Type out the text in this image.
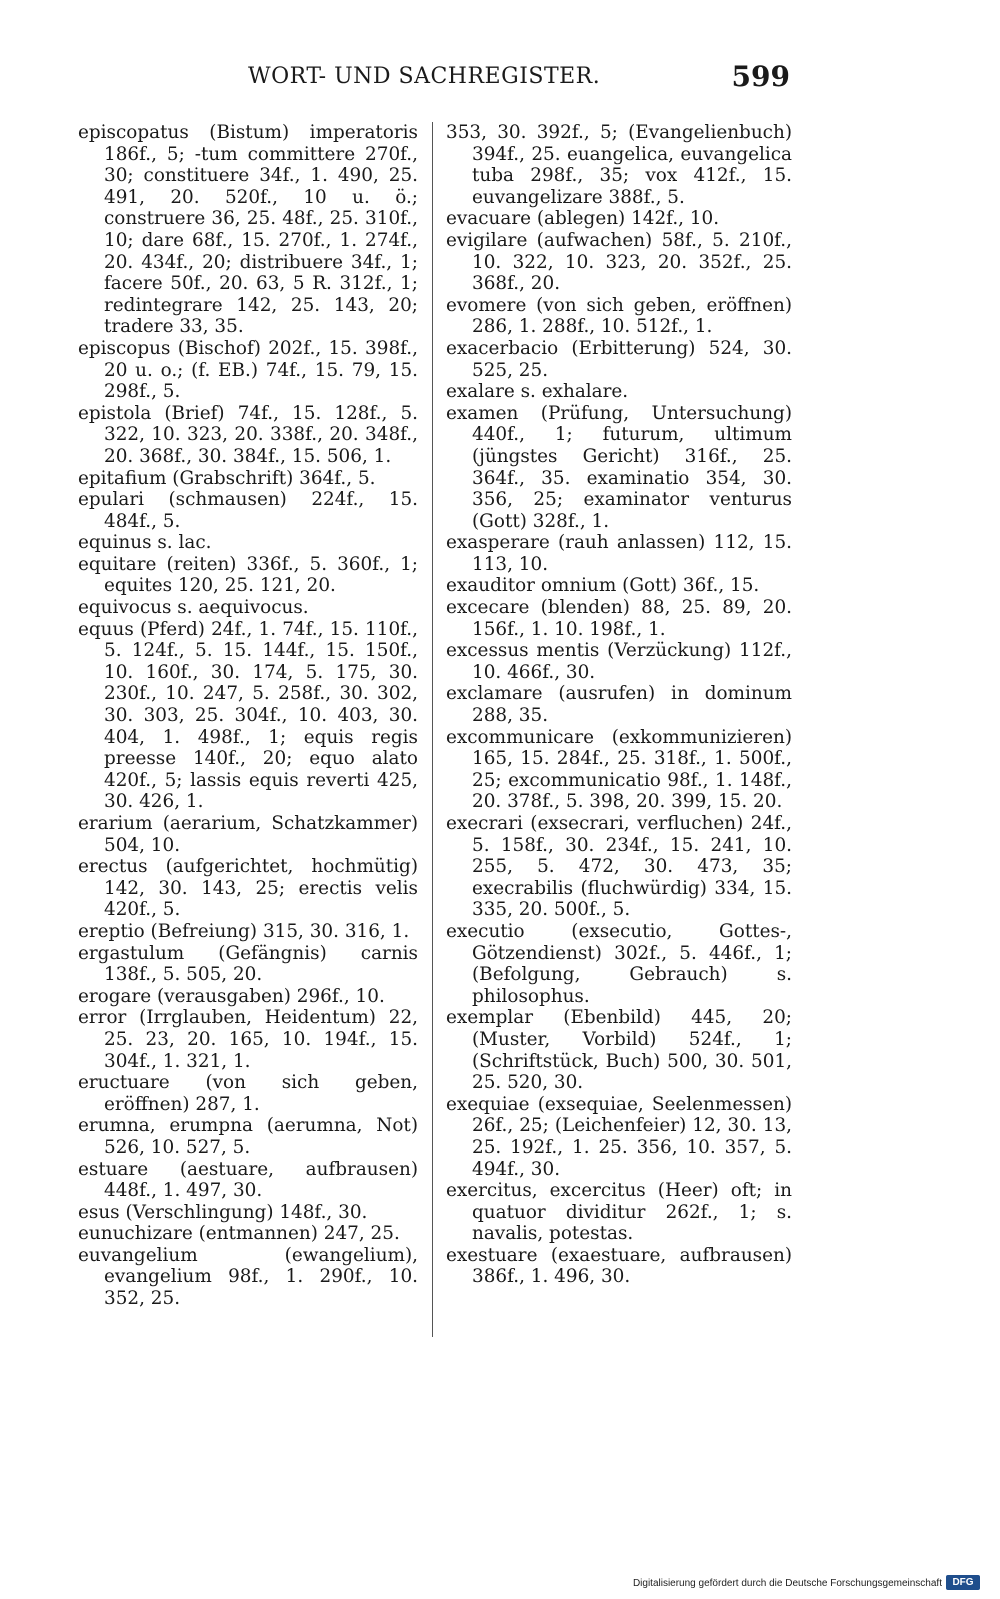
WORT- UND SACHREGISTER.	599

episcopatus (Bistum) imperatoris 186f., 5; -tum committere 270f., 30; constituere 34f., 1. 490, 25. 491, 20. 520f., 10 u. ö.; construere 36, 25. 48f., 25. 310f., 10; dare 68f., 15. 270f., 1. 274f., 20. 434f., 20; distribuere 34f., 1; facere 50f., 20. 63, 5 R. 312f., 1; redintegrare 142, 25. 143, 20; tradere 33, 35.

episcopus (Bischof) 202f., 15. 398f., 20 u. o.; (f. EB.) 74f., 15. 79, 15. 298f., 5.

epistola (Brief) 74f., 15. 128f., 5. 322, 10. 323, 20. 338f., 20. 348f., 20. 368f., 30. 384f., 15. 506, 1.

epitafium (Grabschrift) 364f., 5.

epulari (schmausen) 224f., 15. 484f., 5.

equinus s. lac.

equitare (reiten) 336f., 5. 360f., 1; equites 120, 25. 121, 20.

equivocus s. aequivocus.

equus (Pferd) 24f., 1. 74f., 15. 110f., 5. 124f., 5. 15. 144f., 15. 150f., 10. 160f., 30. 174, 5. 175, 30. 230f., 10. 247, 5. 258f., 30. 302, 30. 303, 25. 304f., 10. 403, 30. 404, 1. 498f., 1; equis regis preesse 140f., 20; equo alato 420f., 5; lassis equis reverti 425, 30. 426, 1.

erarium (aerarium, Schatzkammer) 504, 10.

erectus (aufgerichtet, hochmütig) 142, 30. 143, 25; erectis velis 420f., 5.

ereptio (Befreiung) 315, 30. 316, 1.

ergastulum (Gefängnis) carnis 138f., 5. 505, 20.

erogare (verausgaben) 296f., 10.

error (Irrglauben, Heidentum) 22, 25. 23, 20. 165, 10. 194f., 15. 304f., 1. 321, 1.

eructuare (von sich geben, eröffnen) 287, 1.

erumna, erumpna (aerumna, Not) 526, 10. 527, 5.

estuare (aestuare, aufbrausen) 448f., 1. 497, 30.

esus (Verschlingung) 148f., 30.

eunuchizare (entmannen) 247, 25.

euvangelium (ewangelium), evangelium 98f., 1. 290f., 10. 352, 25.

353, 30. 392f., 5; (Evangelienbuch) 394f., 25. euangelica, euvangelica tuba 298f., 35; vox 412f., 15. euvangelizare 388f., 5.

evacuare (ablegen) 142f., 10.

evigilare (aufwachen) 58f., 5. 210f., 10. 322, 10. 323, 20. 352f., 25. 368f., 20.

evomere (von sich geben, eröffnen) 286, 1. 288f., 10. 512f., 1.

exacerbacio (Erbitterung) 524, 30. 525, 25.

exalare s. exhalare.

examen (Prüfung, Untersuchung) 440f., 1; futurum, ultimum (jüngstes Gericht) 316f., 25. 364f., 35. examinatio 354, 30. 356, 25; examinator venturus (Gott) 328f., 1.

exasperare (rauh anlassen) 112, 15. 113, 10.

exauditor omnium (Gott) 36f., 15.

excecare (blenden) 88, 25. 89, 20. 156f., 1. 10. 198f., 1.

excessus mentis (Verzückung) 112f., 10. 466f., 30.

exclamare (ausrufen) in dominum 288, 35.

excommunicare (exkommunizieren) 165, 15. 284f., 25. 318f., 1. 500f., 25; excommunicatio 98f., 1. 148f., 20. 378f., 5. 398, 20. 399, 15. 20.

execrari (exsecrari, verfluchen) 24f., 5. 158f., 30. 234f., 15. 241, 10. 255, 5. 472, 30. 473, 35; execrabilis (fluchwürdig) 334, 15. 335, 20. 500f., 5.

executio (exsecutio, Gottes-, Götzendienst) 302f., 5. 446f., 1; (Befolgung, Gebrauch) s. philosophus.

exemplar (Ebenbild) 445, 20; (Muster, Vorbild) 524f., 1; (Schriftstück, Buch) 500, 30. 501, 25. 520, 30.

exequiae (exsequiae, Seelenmessen) 26f., 25; (Leichenfeier) 12, 30. 13, 25. 192f., 1. 25. 356, 10. 357, 5. 494f., 30.

exercitus, excercitus (Heer) oft; in quatuor dividitur 262f., 1; s. navalis, potestas.

exestuare (exaestuare, aufbrausen) 386f., 1. 496, 30.

Digitalisierung gefördert durch die Deutsche Forschungsgemeinschaft	DFG
